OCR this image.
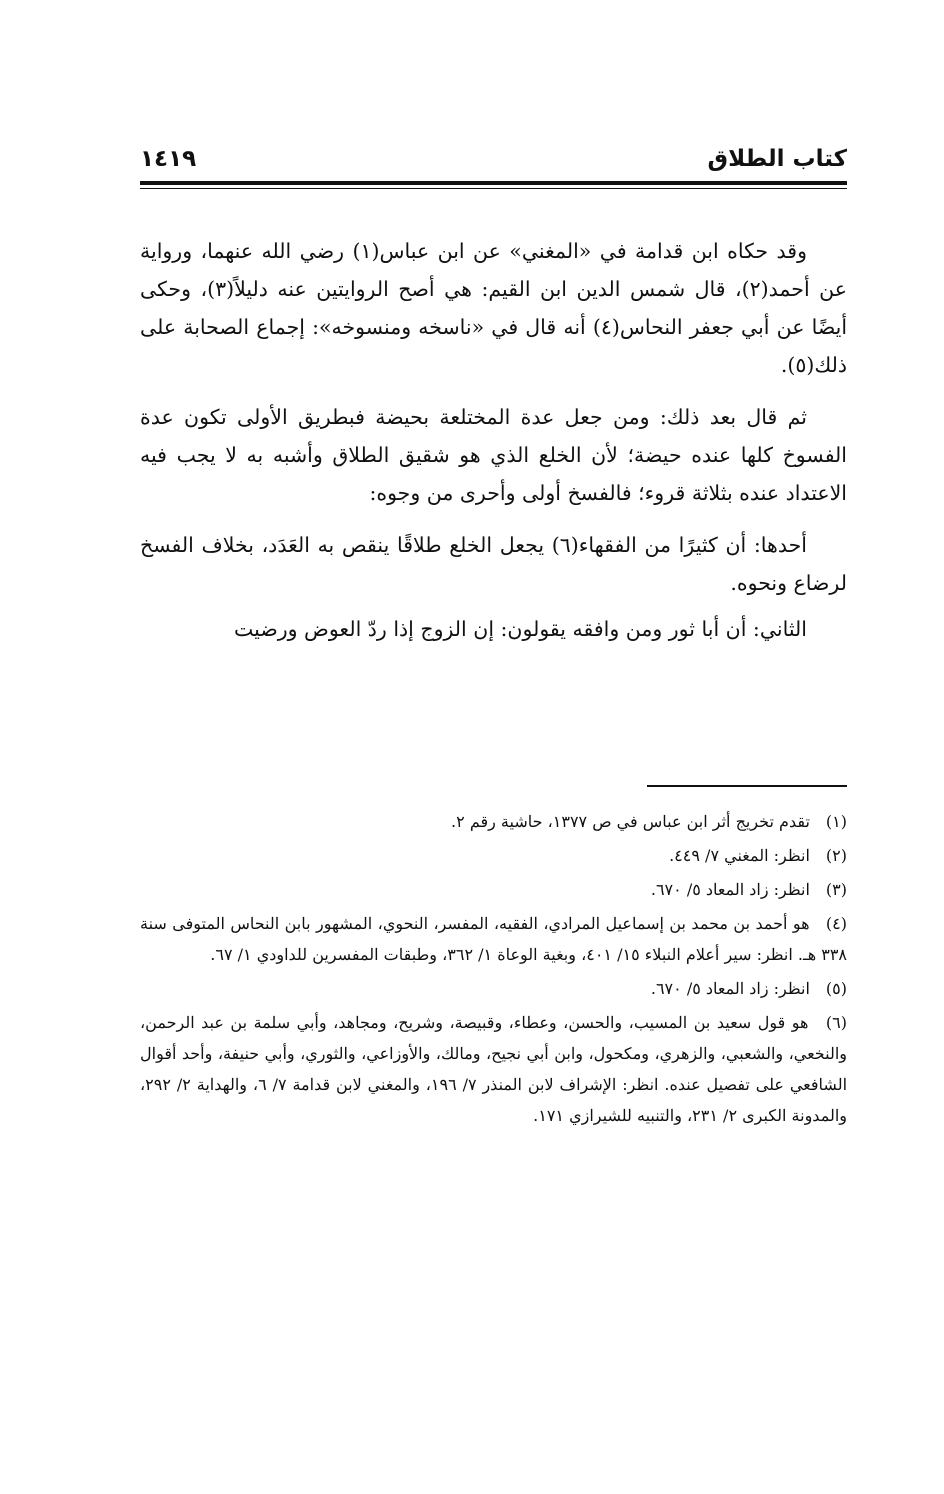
كتاب الطلاق
١٤١٩

وقد حكاه ابن قدامة في «المغني» عن ابن عباس(١) رضي الله عنهما، ورواية عن أحمد(٢)، قال شمس الدين ابن القيم: هي أصح الروايتين عنه دليلاً(٣)، وحكى أيضًا عن أبي جعفر النحاس(٤) أنه قال في «ناسخه ومنسوخه»: إجماع الصحابة على ذلك(٥).

ثم قال بعد ذلك: ومن جعل عدة المختلعة بحيضة فبطريق الأولى تكون عدة الفسوخ كلها عنده حيضة؛ لأن الخلع الذي هو شقيق الطلاق وأشبه به لا يجب فيه الاعتداد عنده بثلاثة قروء؛ فالفسخ أولى وأحرى من وجوه:

أحدها: أن كثيرًا من الفقهاء(٦) يجعل الخلع طلاقًا ينقص به العَدَد، بخلاف الفسخ لرضاع ونحوه.

الثاني: أن أبا ثور ومن وافقه يقولون: إن الزوج إذا ردّ العوض ورضيت

(١) تقدم تخريج أثر ابن عباس في ص ١٣٧٧، حاشية رقم ٢.
(٢) انظر: المغني ٧/ ٤٤٩.
(٣) انظر: زاد المعاد ٥/ ٦٧٠.
(٤) هو أحمد بن محمد بن إسماعيل المرادي، الفقيه، المفسر، النحوي، المشهور بابن النحاس المتوفى سنة ٣٣٨ هـ. انظر: سير أعلام النبلاء ١٥/ ٤٠١، وبغية الوعاة ١/ ٣٦٢، وطبقات المفسرين للداودي ١/ ٦٧.
(٥) انظر: زاد المعاد ٥/ ٦٧٠.
(٦) هو قول سعيد بن المسيب، والحسن، وعطاء، وقبيصة، وشريح، ومجاهد، وأبي سلمة بن عبد الرحمن، والنخعي، والشعبي، والزهري، ومكحول، وابن أبي نجيح، ومالك، والأوزاعي، والثوري، وأبي حنيفة، وأحد أقوال الشافعي على تفصيل عنده. انظر: الإشراف لابن المنذر ٧/ ١٩٦، والمغني لابن قدامة ٧/ ٦، والهداية ٢/ ٢٩٢، والمدونة الكبرى ٢/ ٢٣١، والتنبيه للشيرازي ١٧١.
